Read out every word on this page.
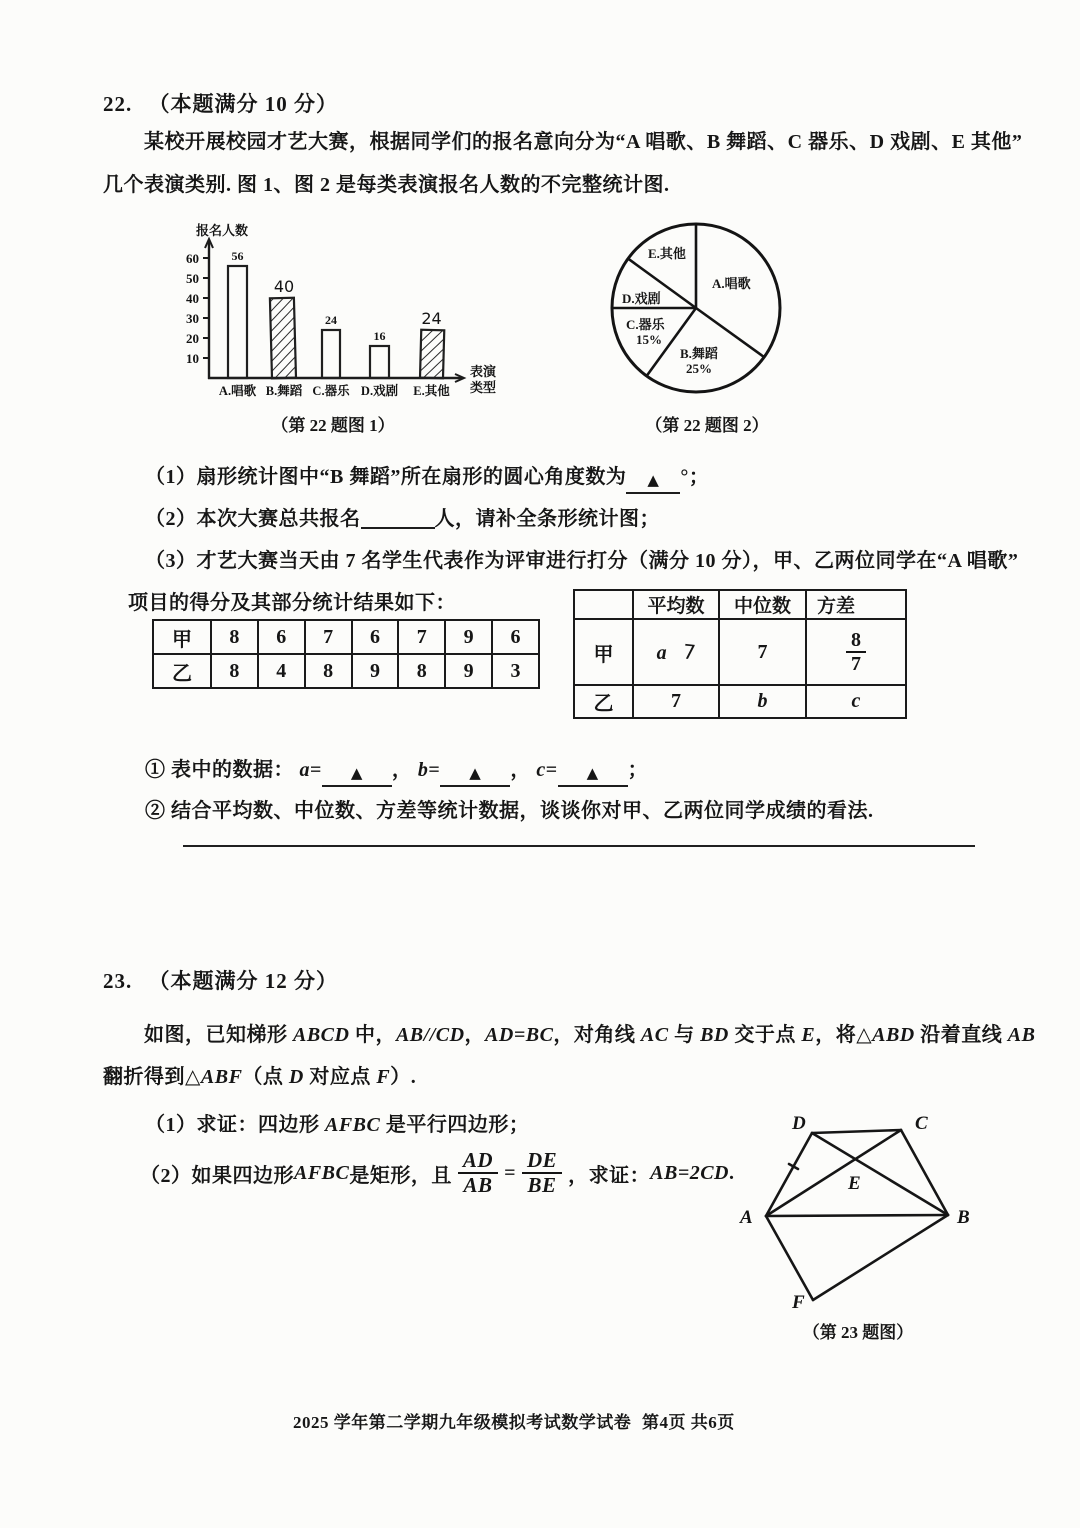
22. （本题满分 10 分）
某校开展校园才艺大赛，根据同学们的报名意向分为“A 唱歌、B 舞蹈、C 器乐、D 戏剧、E 其他”
几个表演类别. 图 1、图 2 是每类表演报名人数的不完整统计图.
报名人数
表演 类型
10
20
30
40
50
60	56
A.唱歌
40
B.舞蹈
24
C.器乐
16
D.戏剧
24
E.其他
（第 22 题图 1）
A.唱歌
B.舞蹈
25%
C.器乐
15%
D.戏剧
E.其他
（第 22 题图 2）
（1）扇形统计图中“B 舞蹈”所在扇形的圆心角度数为 ▲ °；
（2）本次大赛总共报名	人，请补全条形统计图；
（3）才艺大赛当天由 7 名学生代表作为评审进行打分（满分 10 分），甲、乙两位同学在“A 唱歌”
项目的得分及其部分统计结果如下：
甲	8	6	7	6	7	9	6
乙	8	4	8	9	8	9	3
	平均数	中位数	方差
甲	a 7	7	$\frac{8}{7}$

乙	7	b	c
① 表中的数据： a= ▲ ， b= ▲ ， c= ▲ ；
② 结合平均数、中位数、方差等统计数据，谈谈你对甲、乙两位同学成绩的看法.
23. （本题满分 12 分）
如图，已知梯形 ABCD 中，AB//CD，AD=BC，对角线 AC 与 BD 交于点 E，将△ABD 沿着直线 AB
翻折得到△ABF（点 D 对应点 F）.
（1）求证：四边形 AFBC 是平行四边形；
（2）如果四边形 AFBC 是矩形，且 $\frac{AD}{AB} = \frac{DE}{BE}$ ，求证： AB=2CD .
D	C
A	B
E
F
（第 23 题图）
2025 学年第二学期九年级模拟考试数学试卷 第4页 共6页
